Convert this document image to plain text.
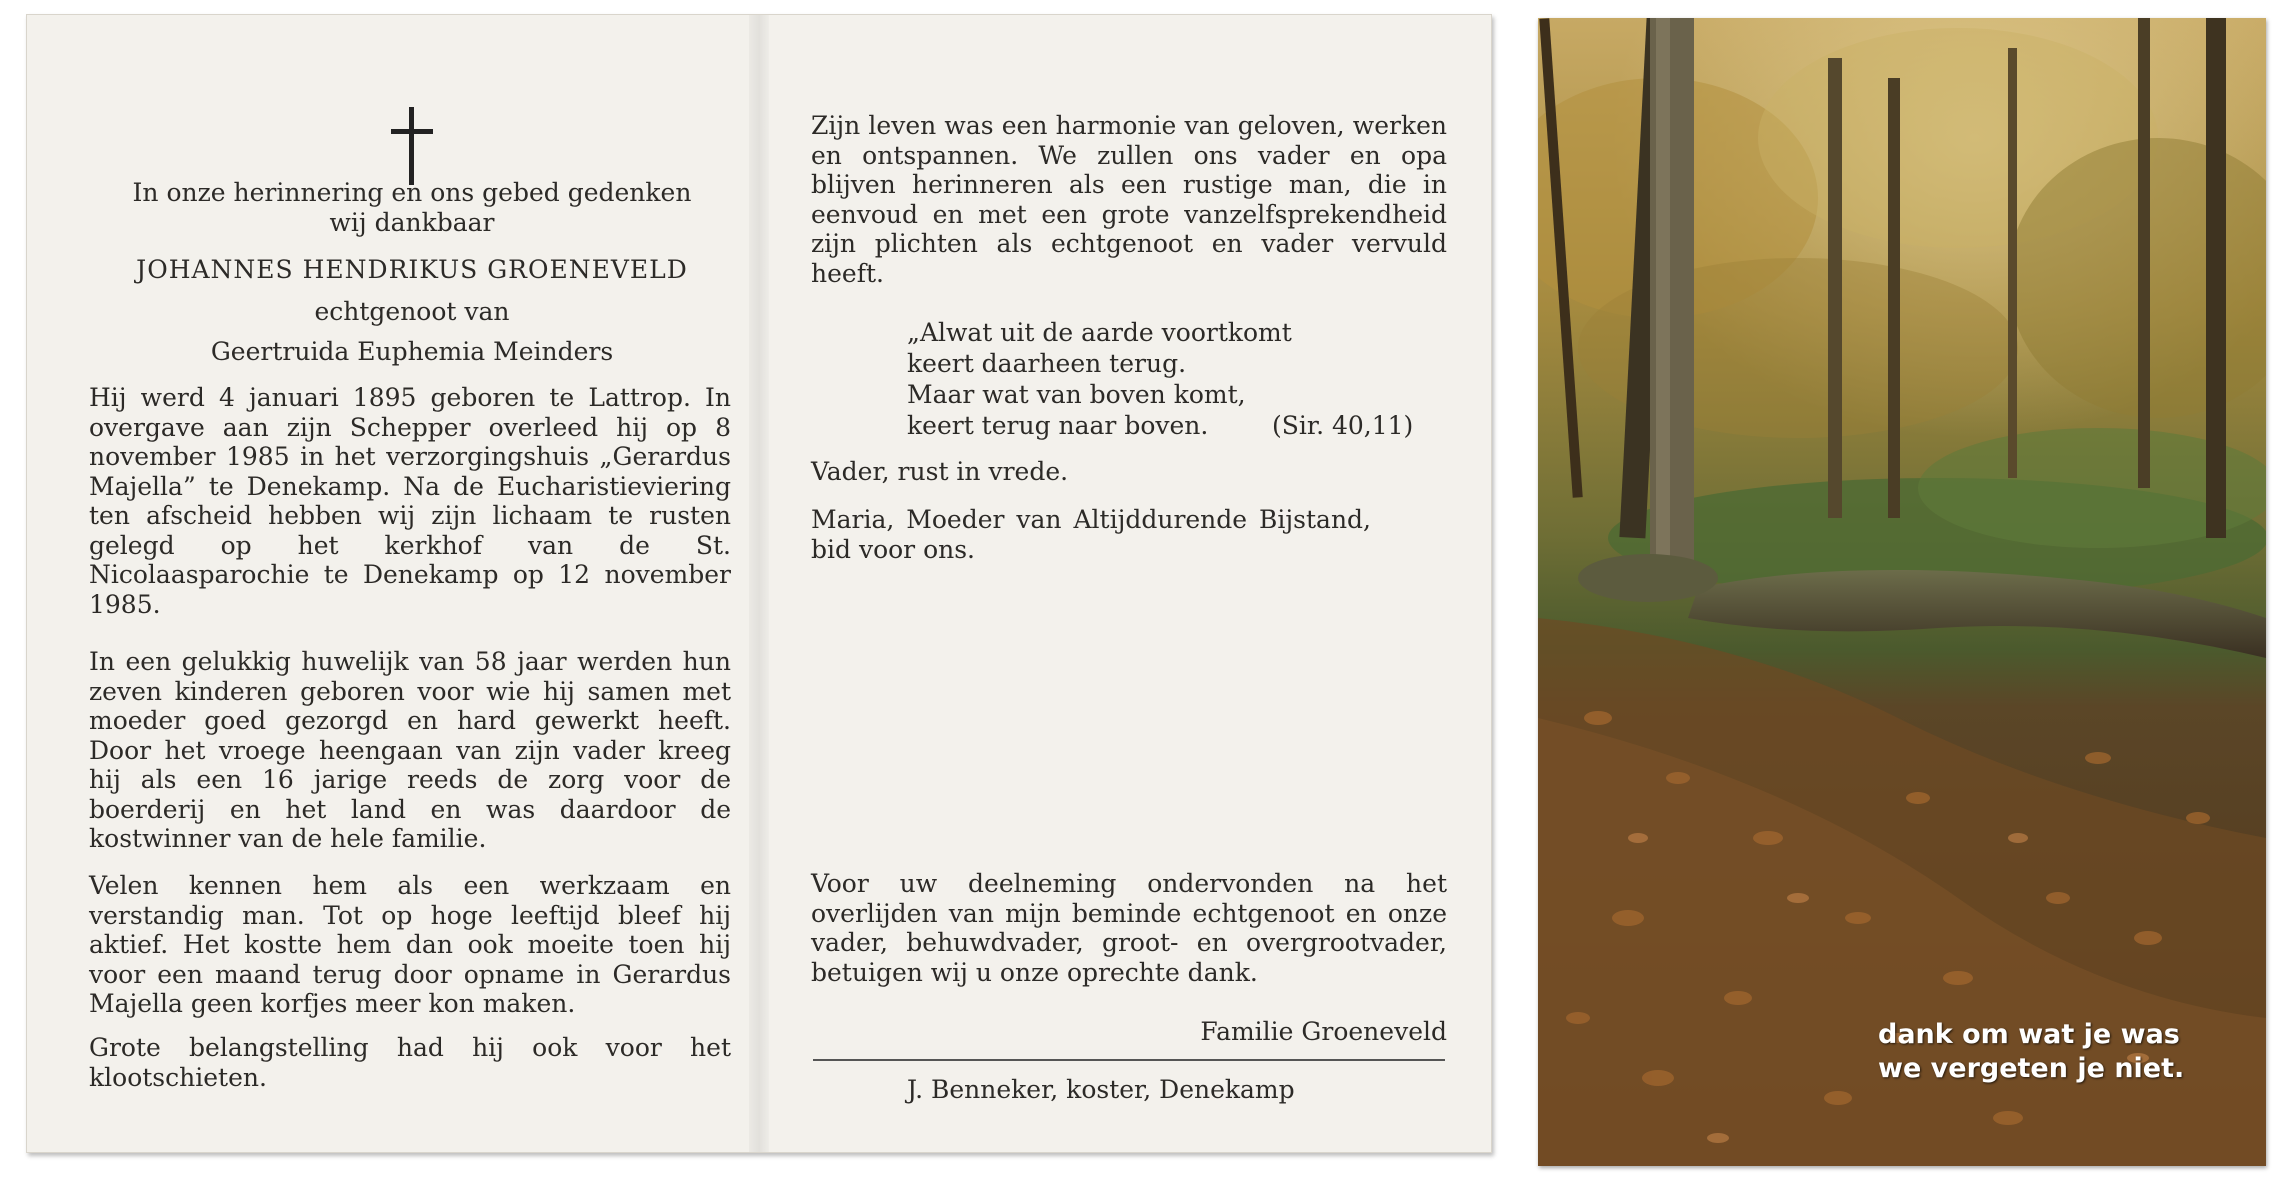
In onze herinnering en ons gebed gedenken wij dankbaar
JOHANNES HENDRIKUS GROENEVELD
echtgenoot van
Geertruida Euphemia Meinders
Hij werd 4 januari 1895 geboren te Lattrop. In overgave aan zijn Schepper overleed hij op 8 november 1985 in het verzorgingshuis „Gerardus Majella” te Denekamp. Na de Eucharistieviering ten afscheid hebben wij zijn lichaam te rusten gelegd op het kerkhof van de St. Nicolaasparochie te Denekamp op 12 november 1985.
In een gelukkig huwelijk van 58 jaar werden hun zeven kinderen geboren voor wie hij samen met moeder goed gezorgd en hard gewerkt heeft. Door het vroege heengaan van zijn vader kreeg hij als een 16 jarige reeds de zorg voor de boerderij en het land en was daardoor de kostwinner van de hele familie.
Velen kennen hem als een werkzaam en verstandig man. Tot op hoge leeftijd bleef hij aktief. Het kostte hem dan ook moeite toen hij voor een maand terug door opname in Gerardus Majella geen korfjes meer kon maken.
Grote belangstelling had hij ook voor het klootschieten.
Zijn leven was een harmonie van geloven, werken en ontspannen. We zullen ons vader en opa blijven herinneren als een rustige man, die in eenvoud en met een grote vanzelfsprekendheid zijn plichten als echtgenoot en vader vervuld heeft.
„Alwat uit de aarde voortkomt
keert daarheen terug.
Maar wat van boven komt,
keert terug naar boven.	(Sir. 40,11)
Vader, rust in vrede.
Maria, Moeder van Altijddurende Bijstand, bid voor ons.
Voor uw deelneming ondervonden na het overlijden van mijn beminde echtgenoot en onze vader, behuwdvader, groot- en overgrootvader, betuigen wij u onze oprechte dank.
Familie Groeneveld
J. Benneker, koster, Denekamp
dank om wat je was
we vergeten je niet.
